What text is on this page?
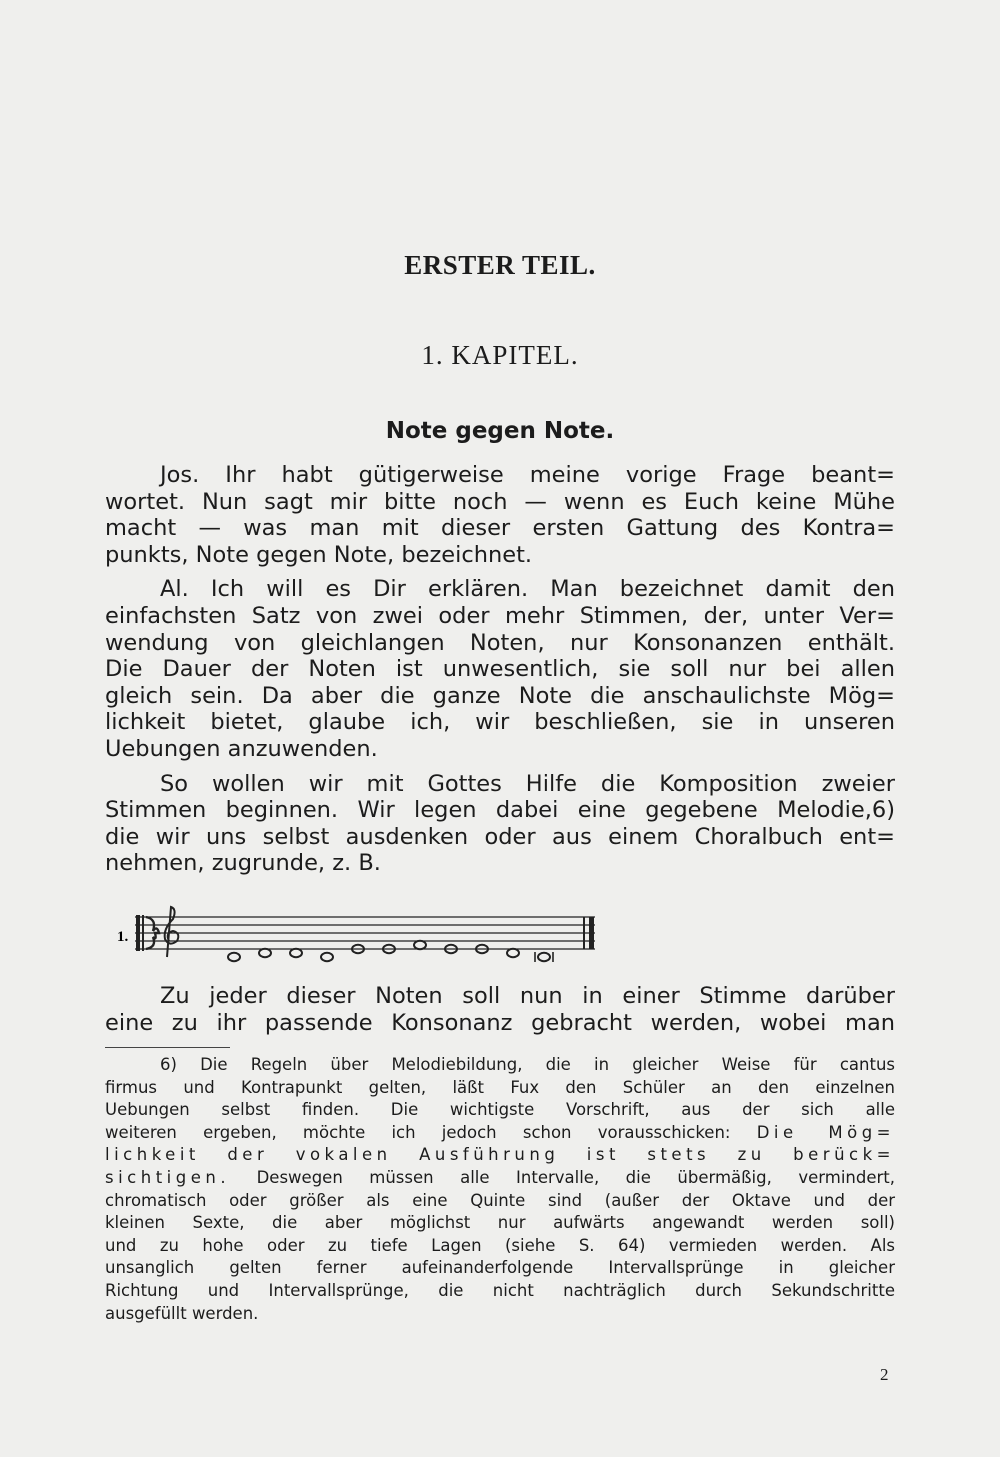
ERSTER TEIL.
1. KAPITEL.
Note gegen Note.
Jos. Ihr habt gütigerweise meine vorige Frage beant=
wortet. Nun sagt mir bitte noch — wenn es Euch keine Mühe
macht — was man mit dieser ersten Gattung des Kontra=
punkts, Note gegen Note, bezeichnet.
Al. Ich will es Dir erklären. Man bezeichnet damit den
einfachsten Satz von zwei oder mehr Stimmen, der, unter Ver=
wendung von gleichlangen Noten, nur Konsonanzen enthält.
Die Dauer der Noten ist unwesentlich, sie soll nur bei allen
gleich sein. Da aber die ganze Note die anschaulichste Mög=
lichkeit bietet, glaube ich, wir beschließen, sie in unseren
Uebungen anzuwenden.
So wollen wir mit Gottes Hilfe die Komposition zweier
Stimmen beginnen. Wir legen dabei eine gegebene Melodie,6)
die wir uns selbst ausdenken oder aus einem Choralbuch ent=
nehmen, zugrunde, z. B.
1.
Zu jeder dieser Noten soll nun in einer Stimme darüber
eine zu ihr passende Konsonanz gebracht werden, wobei man
6) Die Regeln über Melodiebildung, die in gleicher Weise für cantus
firmus und Kontrapunkt gelten, läßt Fux den Schüler an den einzelnen
Uebungen selbst finden. Die wichtigste Vorschrift, aus der sich alle
weiteren ergeben, möchte ich jedoch schon vorausschicken: Die Mög=
lichkeit der vokalen Ausführung ist stets zu berück=
sichtigen. Deswegen müssen alle Intervalle, die übermäßig, vermindert,
chromatisch oder größer als eine Quinte sind (außer der Oktave und der
kleinen Sexte, die aber möglichst nur aufwärts angewandt werden soll)
und zu hohe oder zu tiefe Lagen (siehe S. 64) vermieden werden. Als
unsanglich gelten ferner aufeinanderfolgende Intervallsprünge in gleicher
Richtung und Intervallsprünge, die nicht nachträglich durch Sekundschritte
ausgefüllt werden.
2
